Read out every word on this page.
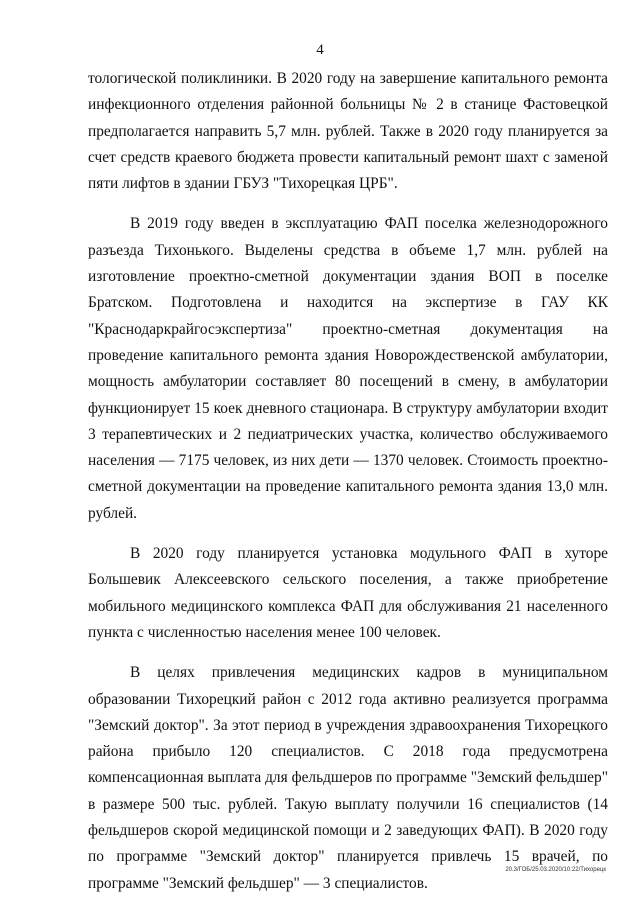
4

тологической поликлиники. В 2020 году на завершение капитального ремонта инфекционного отделения районной больницы № 2 в станице Фастовецкой предполагается направить 5,7 млн. рублей. Также в 2020 году планируется за счет средств краевого бюджета провести капитальный ремонт шахт с заменой пяти лифтов в здании ГБУЗ "Тихорецкая ЦРБ".

В 2019 году введен в эксплуатацию ФАП поселка железнодорожного разъезда Тихонького. Выделены средства в объеме 1,7 млн. рублей на изготовление проектно-сметной документации здания ВОП в поселке Братском. Подготовлена и находится на экспертизе в ГАУ КК "Краснодаркрайгосэкспертиза" проектно-сметная документация на проведение капитального ремонта здания Новорождественской амбулатории, мощность амбулатории составляет 80 посещений в смену, в амбулатории функционирует 15 коек дневного стационара. В структуру амбулатории входит 3 терапевтических и 2 педиатрических участка, количество обслуживаемого населения — 7175 человек, из них дети — 1370 человек. Стоимость проектно-сметной документации на проведение капитального ремонта здания 13,0 млн. рублей.

В 2020 году планируется установка модульного ФАП в хуторе Большевик Алексеевского сельского поселения, а также приобретение мобильного медицинского комплекса ФАП для обслуживания 21 населенного пункта с численностью населения менее 100 человек.

В целях привлечения медицинских кадров в муниципальном образовании Тихорецкий район с 2012 года активно реализуется программа "Земский доктор". За этот период в учреждения здравоохранения Тихорецкого района прибыло 120 специалистов. С 2018 года предусмотрена компенсационная выплата для фельдшеров по программе "Земский фельдшер" в размере 500 тыс. рублей. Такую выплату получили 16 специалистов (14 фельдшеров скорой медицинской помощи и 2 заведующих ФАП). В 2020 году по программе "Земский доктор" планируется привлечь 15 врачей, по программе "Земский фельдшер" — 3 специалистов.

20.3/ГОБ/25.03.2020/10:22/Тихорецк
